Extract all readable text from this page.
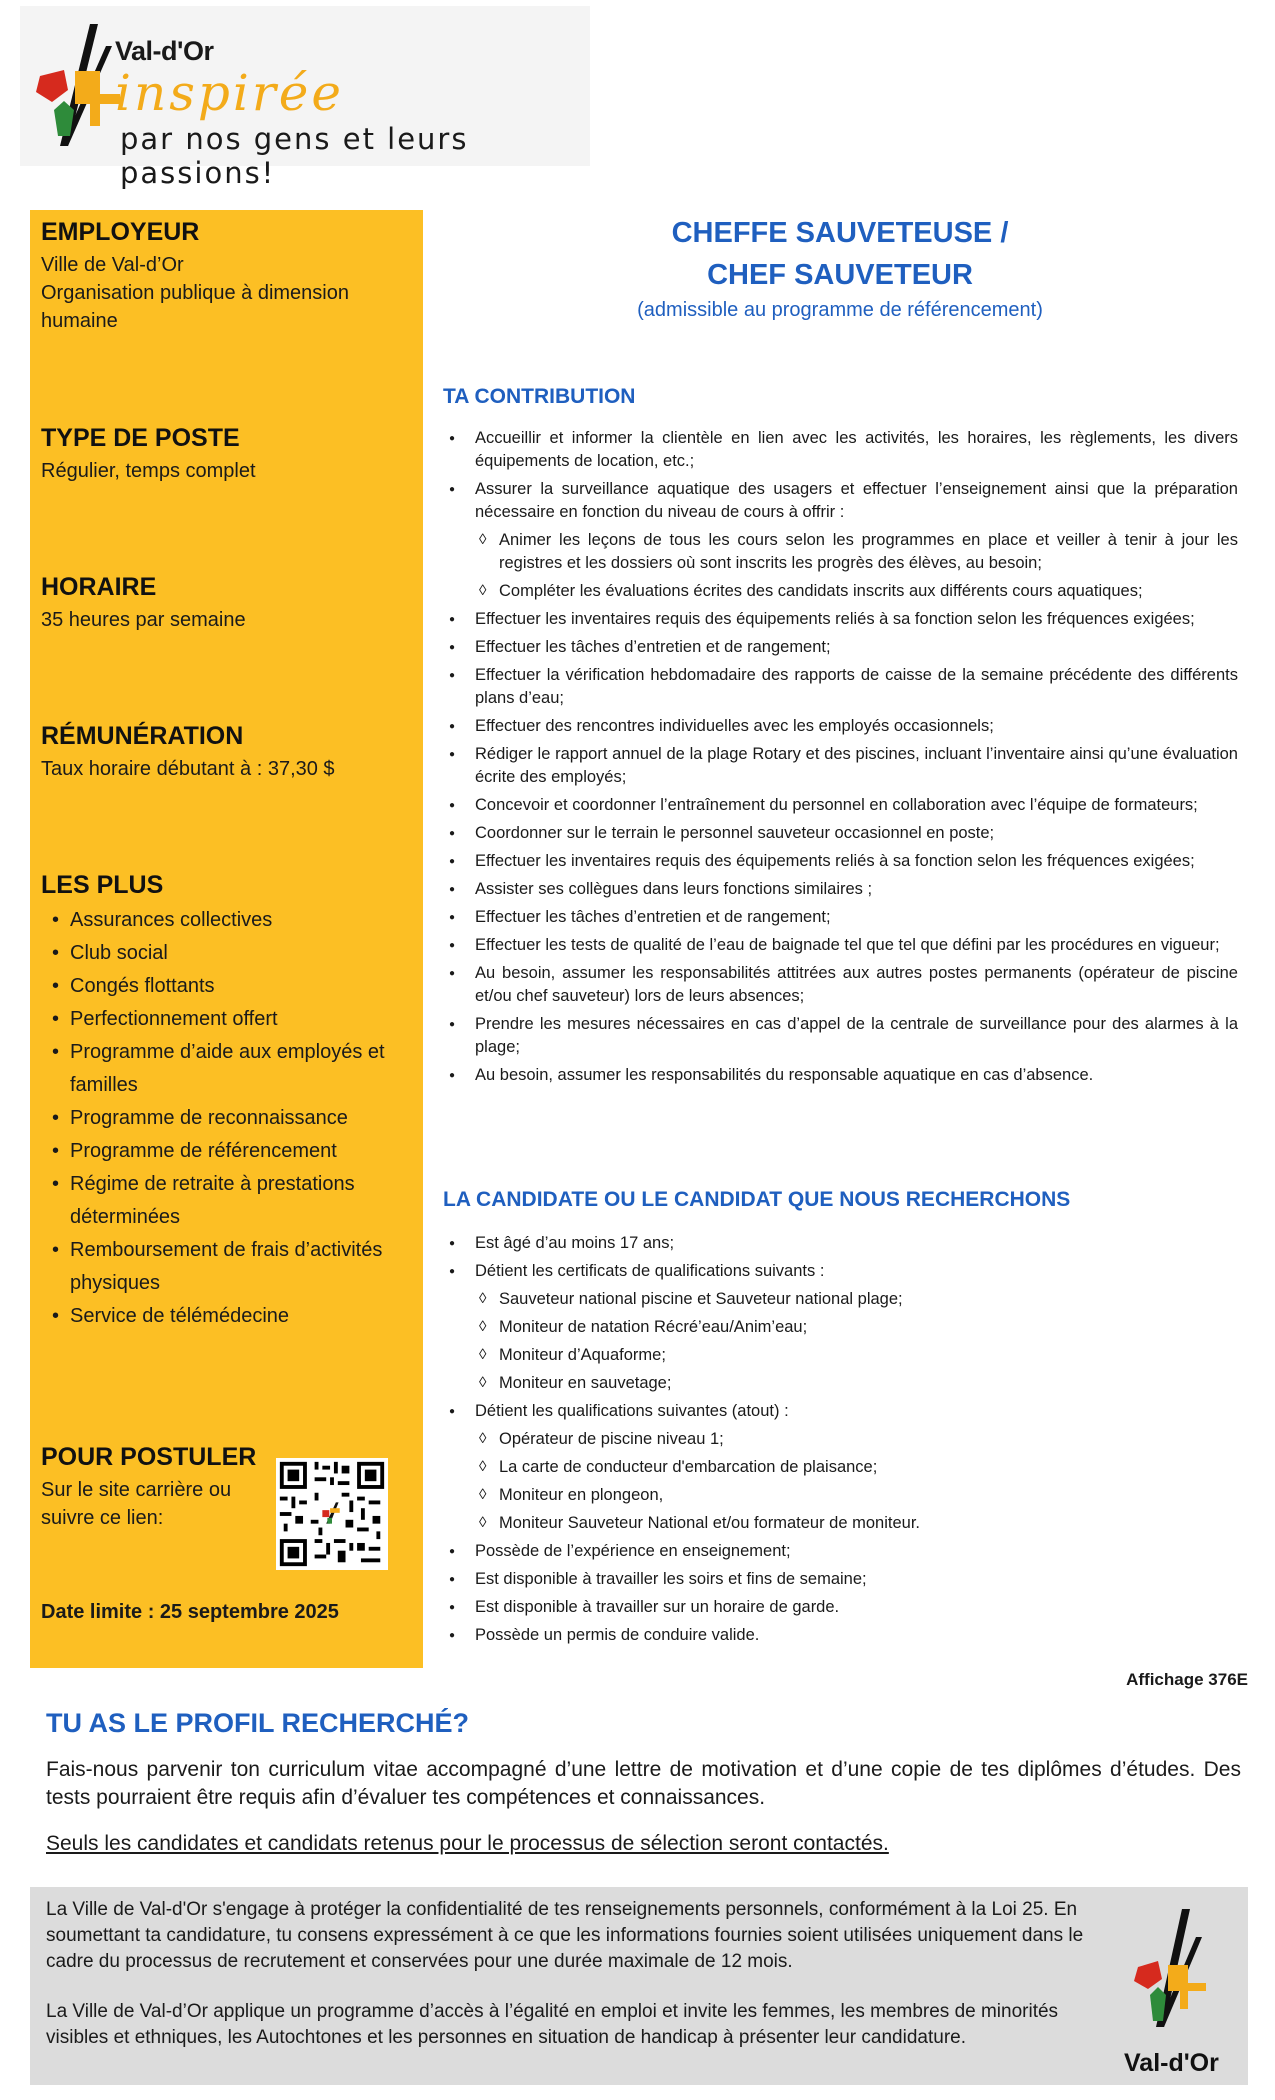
Val-d'Or
inspirée
par nos gens et leurs passions!
EMPLOYEUR
Ville de Val-d’Or
Organisation publique à dimension humaine
TYPE DE POSTE
Régulier, temps complet
HORAIRE
35 heures par semaine
RÉMUNÉRATION
Taux horaire débutant à : 37,30 $
LES PLUS
• Assurances collectives
• Club social
• Congés flottants
• Perfectionnement offert
• Programme d’aide aux employés et familles
• Programme de reconnaissance
• Programme de référencement
• Régime de retraite à prestations déterminées
• Remboursement de frais d’activités physiques
• Service de télémédecine
POUR POSTULER
Sur le site carrière ou suivre ce lien:
Date limite : 25 septembre 2025
CHEFFE SAUVETEUSE /
CHEF SAUVETEUR
(admissible au programme de référencement)
TA CONTRIBUTION
● Accueillir et informer la clientèle en lien avec les activités, les horaires, les règlements, les divers équipements de location, etc.;
● Assurer la surveillance aquatique des usagers et effectuer l’enseignement ainsi que la préparation nécessaire en fonction du niveau de cours à offrir :
◊ Animer les leçons de tous les cours selon les programmes en place et veiller à tenir à jour les registres et les dossiers où sont inscrits les progrès des élèves, au besoin;
◊ Compléter les évaluations écrites des candidats inscrits aux différents cours aquatiques;
● Effectuer les inventaires requis des équipements reliés à sa fonction selon les fréquences exigées;
● Effectuer les tâches d’entretien et de rangement;
● Effectuer la vérification hebdomadaire des rapports de caisse de la semaine précédente des différents plans d’eau;
● Effectuer des rencontres individuelles avec les employés occasionnels;
● Rédiger le rapport annuel de la plage Rotary et des piscines, incluant l’inventaire ainsi qu’une évaluation écrite des employés;
● Concevoir et coordonner l’entraînement du personnel en collaboration avec l’équipe de formateurs;
● Coordonner sur le terrain le personnel sauveteur occasionnel en poste;
● Effectuer les inventaires requis des équipements reliés à sa fonction selon les fréquences exigées;
● Assister ses collègues dans leurs fonctions similaires ;
● Effectuer les tâches d’entretien et de rangement;
● Effectuer les tests de qualité de l’eau de baignade tel que tel que défini par les procédures en vigueur;
● Au besoin, assumer les responsabilités attitrées aux autres postes permanents (opérateur de piscine et/ou chef sauveteur) lors de leurs absences;
● Prendre les mesures nécessaires en cas d’appel de la centrale de surveillance pour des alarmes à la plage;
● Au besoin, assumer les responsabilités du responsable aquatique en cas d’absence.
LA CANDIDATE OU LE CANDIDAT QUE NOUS RECHERCHONS
● Est âgé d’au moins 17 ans;
● Détient les certificats de qualifications suivants :
◊ Sauveteur national piscine et Sauveteur national plage;
◊ Moniteur de natation Récré’eau/Anim’eau;
◊ Moniteur d’Aquaforme;
◊ Moniteur en sauvetage;
● Détient les qualifications suivantes (atout) :
◊ Opérateur de piscine niveau 1;
◊ La carte de conducteur d'embarcation de plaisance;
◊ Moniteur en plongeon,
◊ Moniteur Sauveteur National et/ou formateur de moniteur.
● Possède de l’expérience en enseignement;
● Est disponible à travailler les soirs et fins de semaine;
● Est disponible à travailler sur un horaire de garde.
● Possède un permis de conduire valide.
Affichage 376E
TU AS LE PROFIL RECHERCHÉ?
Fais-nous parvenir ton curriculum vitae accompagné d’une lettre de motivation et d’une copie de tes diplômes d’études. Des tests pourraient être requis afin d’évaluer tes compétences et connaissances.
Seuls les candidates et candidats retenus pour le processus de sélection seront contactés.

La Ville de Val-d'Or s'engage à protéger la confidentialité de tes renseignements personnels, conformément à la Loi 25. En soumettant ta candidature, tu consens expressément à ce que les informations fournies soient utilisées uniquement dans le cadre du processus de recrutement et conservées pour une durée maximale de 12 mois.

La Ville de Val-d’Or applique un programme d’accès à l’égalité en emploi et invite les femmes, les membres de minorités visibles et ethniques, les Autochtones et les personnes en situation de handicap à présenter leur candidature.

Val-d'Or
